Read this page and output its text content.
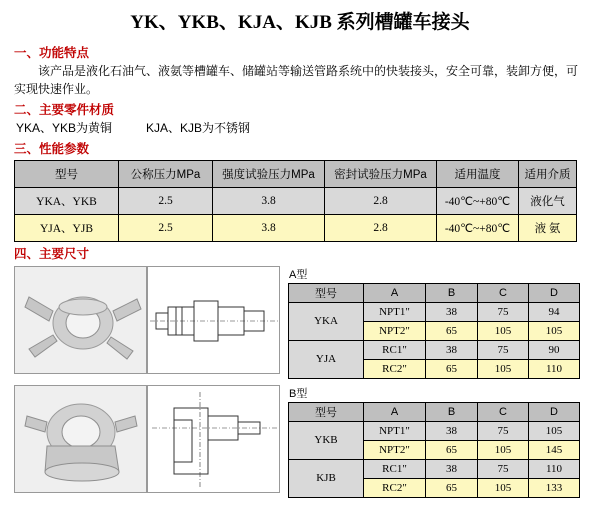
YK、YKB、KJA、KJB 系列槽罐车接头
一、功能特点

该产品是液化石油气、液氨等槽罐车、储罐站等输送管路系统中的快装接头，安全可靠，装卸方便，可实现快速作业。

二、主要零件材质

YKA、YKB为黄铜	KJA、KJB为不锈钢

三、性能参数
型号	公称压力MPa	强度试验压力MPa	密封试验压力MPa	适用温度	适用介质
YKA、YKB	2.5	3.8	2.8	-40℃~+80℃	液化气
YJA、YJB	2.5	3.8	2.8	-40℃~+80℃	液 氨
四、主要尺寸
A型
型号	A	B	C	D
YKA	NPT1"	38	75	94
	NPT2"	65	105	105
YJA	RC1"	38	75	90
	RC2"	65	105	110
B型
型号	A	B	C	D
YKB	NPT1"	38	75	105
	NPT2"	65	105	145
KJB	RC1"	38	75	110
	RC2"	65	105	133
